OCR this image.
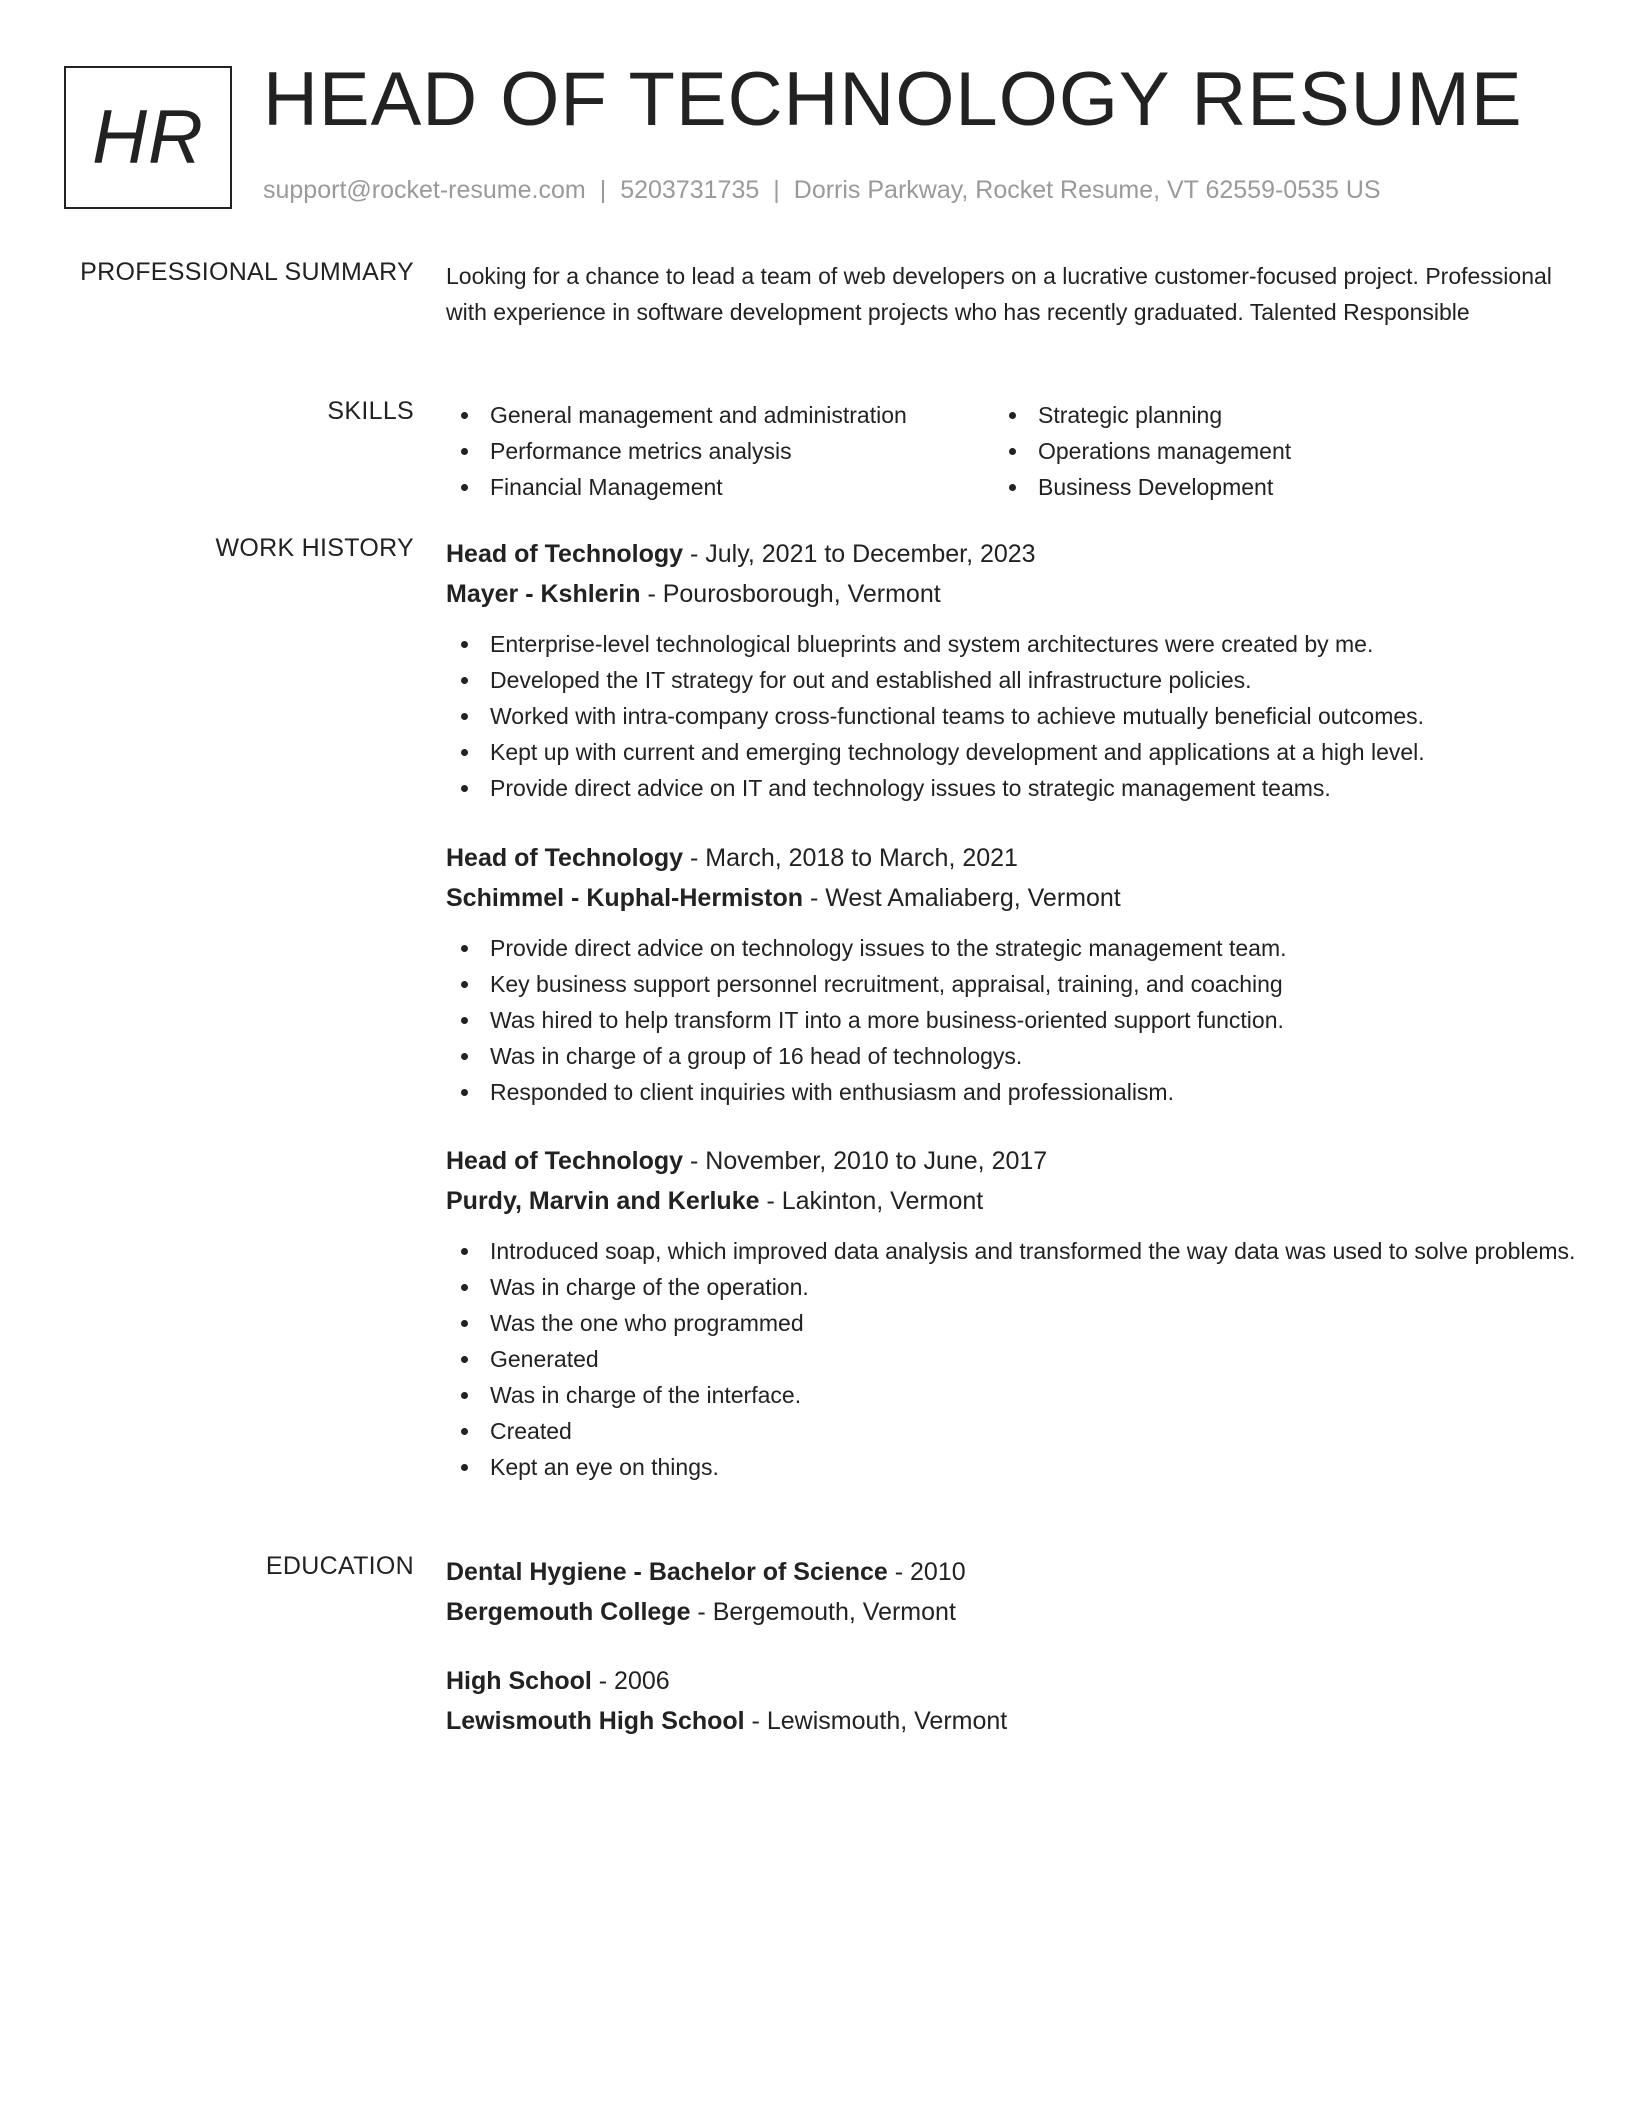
HR HEAD OF TECHNOLOGY RESUME
support@rocket-resume.com | 5203731735 | Dorris Parkway, Rocket Resume, VT 62559-0535 US
PROFESSIONAL SUMMARY Looking for a chance to lead a team of web developers on a lucrative customer-focused project. Professional with experience in software development projects who has recently graduated. Talented Responsible

SKILLS	General management and administration
Performance metrics analysis
Financial Management
Strategic planning
Operations management
Business Development
WORK HISTORY Head of Technology - July, 2021 to December, 2023
Mayer - Kshlerin - Pourosborough, Vermont
Enterprise-level technological blueprints and system architectures were created by me.
Developed the IT strategy for out and established all infrastructure policies.
Worked with intra-company cross-functional teams to achieve mutually beneficial outcomes.
Kept up with current and emerging technology development and applications at a high level.
Provide direct advice on IT and technology issues to strategic management teams.
Head of Technology - March, 2018 to March, 2021
Schimmel - Kuphal-Hermiston - West Amaliaberg, Vermont
Provide direct advice on technology issues to the strategic management team.
Key business support personnel recruitment, appraisal, training, and coaching
Was hired to help transform IT into a more business-oriented support function.
Was in charge of a group of 16 head of technologys.
Responded to client inquiries with enthusiasm and professionalism.
Head of Technology - November, 2010 to June, 2017
Purdy, Marvin and Kerluke - Lakinton, Vermont
Introduced soap, which improved data analysis and transformed the way data was used to solve problems.
Was in charge of the operation.
Was the one who programmed
Generated
Was in charge of the interface.
Created
Kept an eye on things.
EDUCATION Dental Hygiene - Bachelor of Science - 2010
Bergemouth College - Bergemouth, Vermont
High School - 2006
Lewismouth High School - Lewismouth, Vermont
